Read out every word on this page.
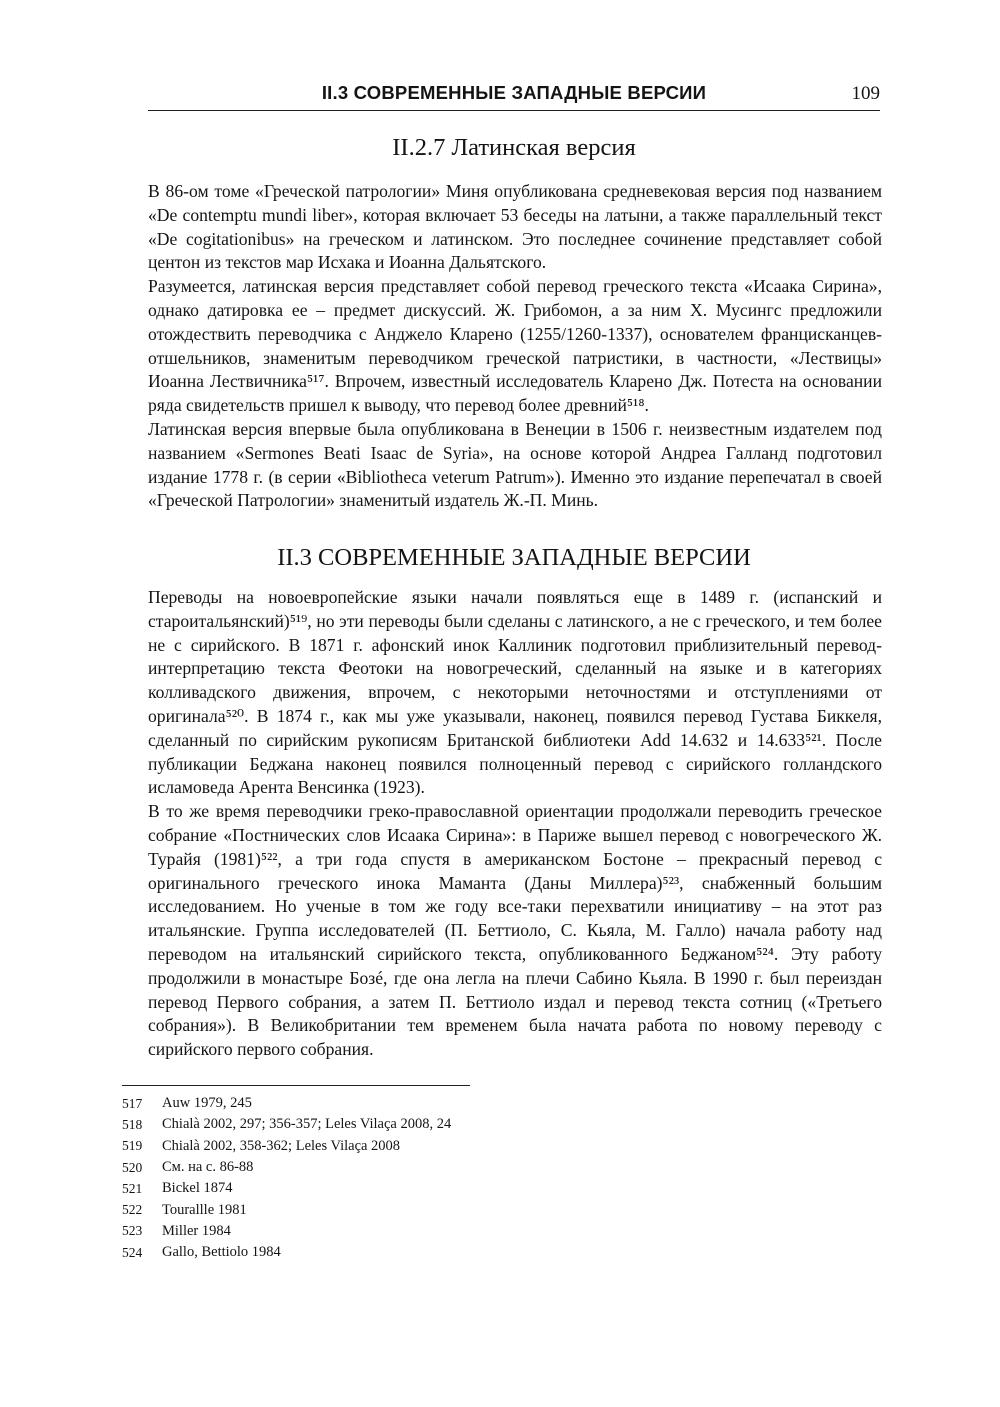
II.3 СОВРЕМЕННЫЕ ЗАПАДНЫЕ ВЕРСИИ	109
II.2.7 Латинская версия

В 86-ом томе «Греческой патрологии» Миня опубликована средневековая версия под названием «De contemptu mundi liber», которая включает 53 беседы на латыни, а также параллельный текст «De cogitationibus» на греческом и латинском. Это последнее сочинение представляет собой центон из текстов мар Исхака и Иоанна Дальятского.

Разумеется, латинская версия представляет собой перевод греческого текста «Исаака Сирина», однако датировка ее – предмет дискуссий. Ж. Грибомон, а за ним Х. Мусингс предложили отождествить переводчика с Анджело Кларено (1255/1260-1337), основателем францисканцев-отшельников, знаменитым переводчиком греческой патристики, в частности, «Лествицы» Иоанна Лествичника⁵¹⁷. Впрочем, известный исследователь Кларено Дж. Потеста на основании ряда свидетельств пришел к выводу, что перевод более древний⁵¹⁸.

Латинская версия впервые была опубликована в Венеции в 1506 г. неизвестным издателем под названием «Sermones Beati Isaac de Syria», на основе которой Андреа Галланд подготовил издание 1778 г. (в серии «Bibliotheca veterum Patrum»). Именно это издание перепечатал в своей «Греческой Патрологии» знаменитый издатель Ж.-П. Минь.

II.3 СОВРЕМЕННЫЕ ЗАПАДНЫЕ ВЕРСИИ

Переводы на новоевропейские языки начали появляться еще в 1489 г. (испанский и староитальянский)⁵¹⁹, но эти переводы были сделаны с латинского, а не с греческого, и тем более не с сирийского. В 1871 г. афонский инок Каллиник подготовил приблизительный перевод-интерпретацию текста Феотоки на новогреческий, сделанный на языке и в категориях колливадского движения, впрочем, с некоторыми неточностями и отступлениями от оригинала⁵²⁰. В 1874 г., как мы уже указывали, наконец, появился перевод Густава Биккеля, сделанный по сирийским рукописям Британской библиотеки Add 14.632 и 14.633⁵²¹. После публикации Беджана наконец появился полноценный перевод с сирийского голландского исламоведа Арента Венсинка (1923).

В то же время переводчики греко-православной ориентации продолжали переводить греческое собрание «Постнических слов Исаака Сирина»: в Париже вышел перевод с новогреческого Ж. Турайя (1981)⁵²², а три года спустя в американском Бостоне – прекрасный перевод с оригинального греческого инока Маманта (Даны Миллера)⁵²³, снабженный большим исследованием. Но ученые в том же году все-таки перехватили инициативу – на этот раз итальянские. Группа исследователей (П. Беттиоло, С. Кьяла, М. Галло) начала работу над переводом на итальянский сирийского текста, опубликованного Беджаном⁵²⁴. Эту работу продолжили в монастыре Бозé, где она легла на плечи Сабино Кьяла. В 1990 г. был переиздан перевод Первого собрания, а затем П. Беттиоло издал и перевод текста сотниц («Третьего собрания»). В Великобритании тем временем была начата работа по новому переводу с сирийского первого собрания.

517	Auw 1979, 245
518	Chialà 2002, 297; 356-357; Leles Vilaça 2008, 24
519	Chialà 2002, 358-362; Leles Vilaça 2008
520	См. на с. 86-88
521	Bickel 1874
522	Tourallle 1981
523	Miller 1984
524	Gallo, Bettiolo 1984
